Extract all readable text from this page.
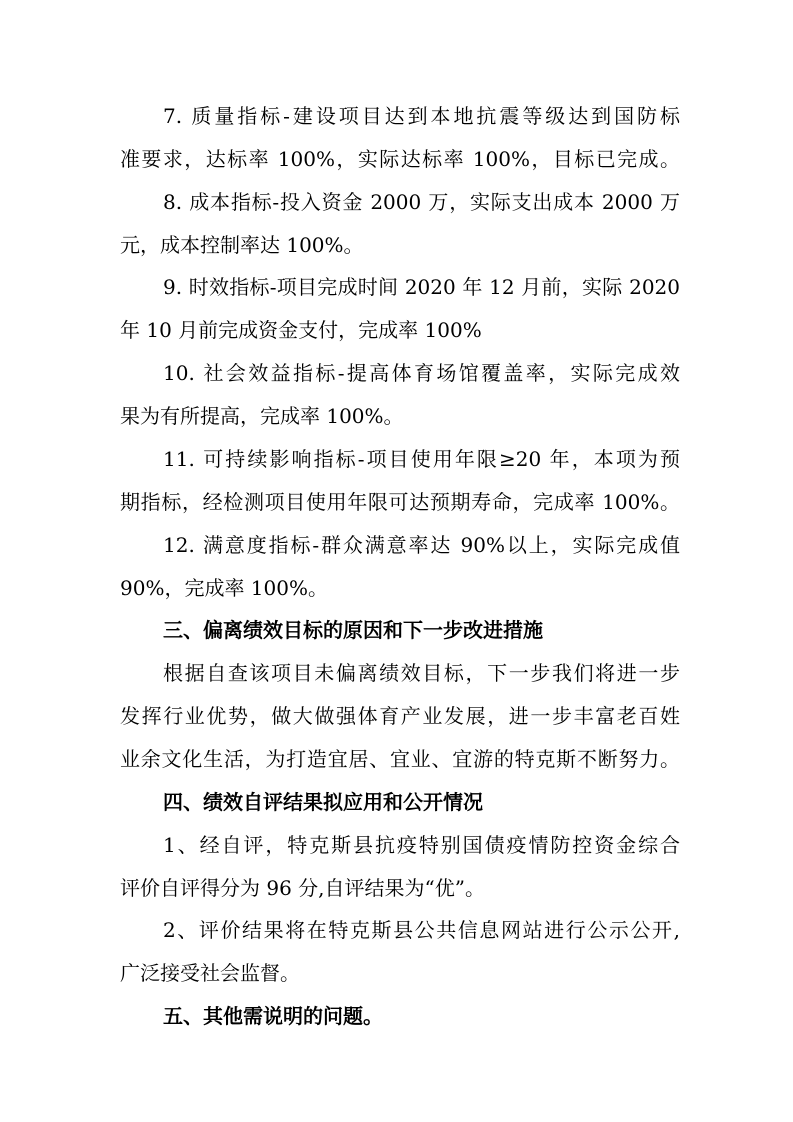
7. 质量指标-建设项目达到本地抗震等级达到国防标
准要求，达标率 100%，实际达标率 100%，目标已完成。
8. 成本指标-投入资金 2000 万，实际支出成本 2000 万
元，成本控制率达 100%。
9. 时效指标-项目完成时间 2020 年 12 月前，实际 2020
年 10 月前完成资金支付，完成率 100%
10. 社会效益指标-提高体育场馆覆盖率，实际完成效
果为有所提高，完成率 100%。
11. 可持续影响指标-项目使用年限≥20 年，本项为预
期指标，经检测项目使用年限可达预期寿命，完成率 100%。
12. 满意度指标-群众满意率达 90%以上，实际完成值
90%，完成率 100%。
三、偏离绩效目标的原因和下一步改进措施
根据自查该项目未偏离绩效目标，下一步我们将进一步
发挥行业优势，做大做强体育产业发展，进一步丰富老百姓
业余文化生活，为打造宜居、宜业、宜游的特克斯不断努力。
四、绩效自评结果拟应用和公开情况
1、经自评，特克斯县抗疫特别国债疫情防控资金综合
评价自评得分为 96 分,自评结果为“优”。
2、评价结果将在特克斯县公共信息网站进行公示公开,
广泛接受社会监督。
五、其他需说明的问题。
